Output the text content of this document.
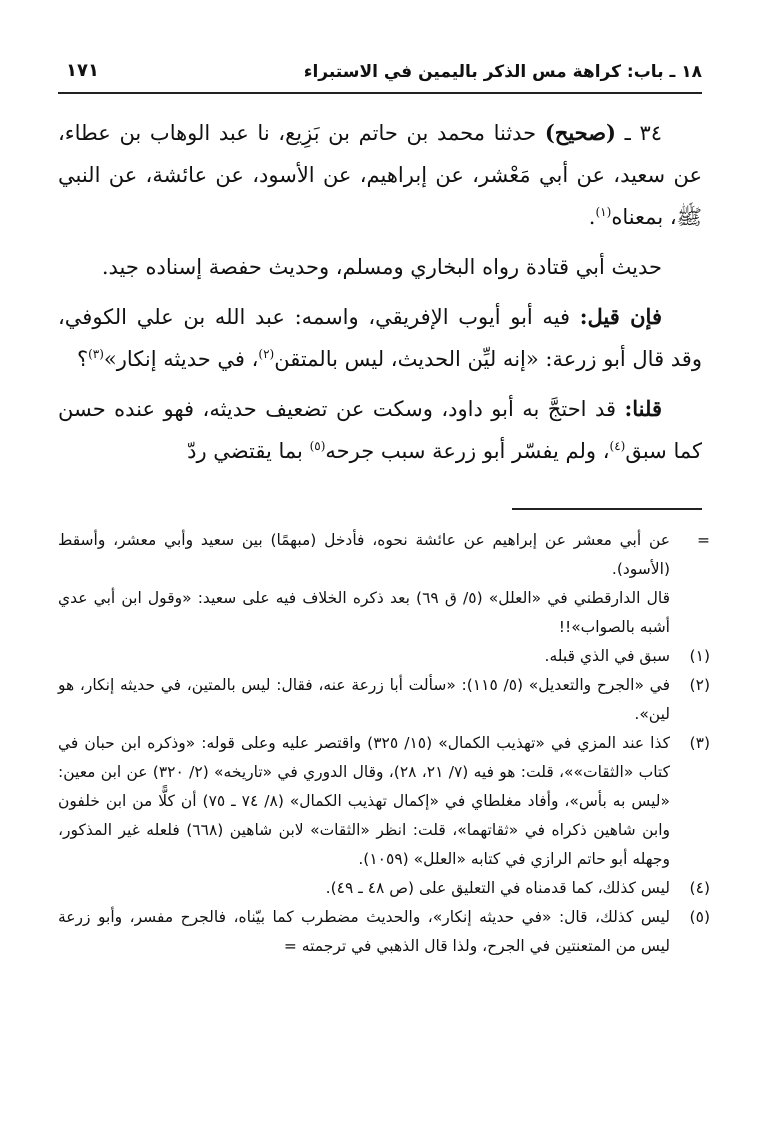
١٨ ـ باب: كراهة مس الذكر باليمين في الاستبراء
١٧١

٣٤ ـ (صحيح) حدثنا محمد بن حاتم بن بَزِيع، نا عبد الوهاب بن عطاء، عن سعيد، عن أبي مَعْشر، عن إبراهيم، عن الأسود، عن عائشة، عن النبي ﷺ، بمعناه$^{(١)}$.

حديث أبي قتادة رواه البخاري ومسلم، وحديث حفصة إسناده جيد.

فإن قيل: فيه أبو أيوب الإفريقي، واسمه: عبد الله بن علي الكوفي، وقد قال أبو زرعة: «إنه ليِّن الحديث، ليس بالمتقن$^{(٢)}$، في حديثه إنكار»$^{(٣)}$؟

قلنا: قد احتجَّ به أبو داود، وسكت عن تضعيف حديثه، فهو عنده حسن كما سبق$^{(٤)}$، ولم يفسّر أبو زرعة سبب جرحه$^{(٥)}$ بما يقتضي ردّ

=
عن أبي معشر عن إبراهيم عن عائشة نحوه، فأدخل (مبهمًا) بين سعيد وأبي معشر، وأسقط (الأسود).
قال الدارقطني في «العلل» (٥/ ق ٦٩) بعد ذكره الخلاف فيه على سعيد: «وقول ابن أبي عدي أشبه بالصواب»!!
(١)
سبق في الذي قبله.
(٢)
في «الجرح والتعديل» (٥/ ١١٥): «سألت أبا زرعة عنه، فقال: ليس بالمتين، في حديثه إنكار، هو لين».
(٣)
كذا عند المزي في «تهذيب الكمال» (١٥/ ٣٢٥) واقتصر عليه وعلى قوله: «وذكره ابن حبان في كتاب «الثقات»»، قلت: هو فيه (٧/ ٢١، ٢٨)، وقال الدوري في «تاريخه» (٢/ ٣٢٠) عن ابن معين: «ليس به بأس»، وأفاد مغلطاي في «إكمال تهذيب الكمال» (٨/ ٧٤ ـ ٧٥) أن كلًّا من ابن خلفون وابن شاهين ذكراه في «ثقاتهما»، قلت: انظر «الثقات» لابن شاهين (٦٦٨) فلعله غير المذكور، وجهله أبو حاتم الرازي في كتابه «العلل» (١٠٥٩).
(٤)
ليس كذلك، كما قدمناه في التعليق على (ص ٤٨ ـ ٤٩).
(٥)
ليس كذلك، قال: «في حديثه إنكار»، والحديث مضطرب كما بيّناه، فالجرح مفسر، وأبو زرعة ليس من المتعنتين في الجرح، ولذا قال الذهبي في ترجمته =
